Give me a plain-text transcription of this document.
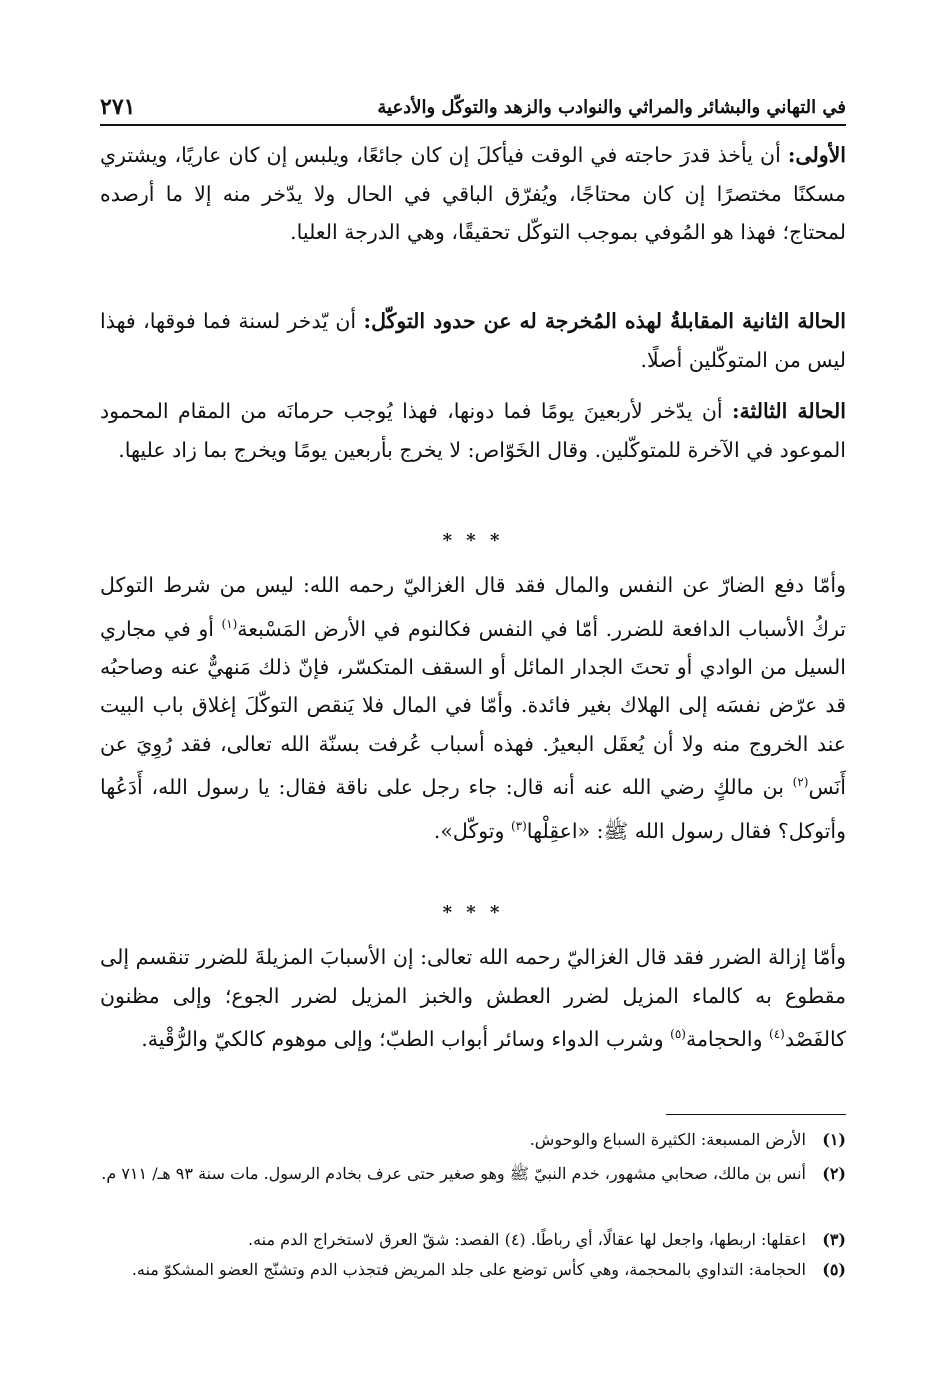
في التهاني والبشائر والمراثي والنوادب والزهد والتوكّل والأدعية
٢٧١

الأولى: أن يأخذ قدرَ حاجته في الوقت فيأكلَ إن كان جائعًا، ويلبس إن كان عاريًا، ويشتري مسكنًا مختصرًا إن كان محتاجًا، ويُفرّق الباقي في الحال ولا يدّخر منه إلا ما أرصده لمحتاج؛ فهذا هو المُوفي بموجب التوكّل تحقيقًا، وهي الدرجة العليا.

الحالة الثانية المقابلةُ لهذه المُخرجة له عن حدود التوكّل: أن يّدخر لسنة فما فوقها، فهذا ليس من المتوكّلين أصلًا.

الحالة الثالثة: أن يدّخر لأربعينَ يومًا فما دونها، فهذا يُوجب حرمانَه من المقام المحمود الموعود في الآخرة للمتوكّلين. وقال الخَوّاص: لا يخرج بأربعين يومًا ويخرج بما زاد عليها.

* * *

وأمّا دفع الضارّ عن النفس والمال فقد قال الغزاليّ رحمه الله: ليس من شرط التوكل تركُ الأسباب الدافعة للضرر. أمّا في النفس فكالنوم في الأرض المَسْبعة$^{(١)}$ أو في مجاري السيل من الوادي أو تحتَ الجدار المائل أو السقف المتكسّر، فإنّ ذلك مَنهيٌّ عنه وصاحبُه قد عرّض نفسَه إلى الهلاك بغير فائدة. وأمّا في المال فلا يَنقص التوكّلَ إغلاق باب البيت عند الخروج منه ولا أن يُعقَل البعيرُ. فهذه أسباب عُرفت بسنّة الله تعالى، فقد رُوِيَ عن أَنَس$^{(٢)}$ بن مالكٍ رضي الله عنه أنه قال: جاء رجل على ناقة فقال: يا رسول الله، أَدَعُها وأتوكل؟ فقال رسول الله ﷺ: «اعقِلْها$^{(٣)}$ وتوكّل».

* * *

وأمّا إزالة الضرر فقد قال الغزاليّ رحمه الله تعالى: إن الأسبابَ المزيلةَ للضرر تنقسم إلى مقطوع به كالماء المزيل لضرر العطش والخبز المزيل لضرر الجوع؛ وإلى مظنون كالفَصْد$^{(٤)}$ والحجامة$^{(٥)}$ وشرب الدواء وسائر أبواب الطبّ؛ وإلى موهوم كالكيّ والرُّقْية.

(١)
الأرض المسبعة: الكثيرة السباع والوحوش.
(٢)
أنس بن مالك، صحابي مشهور، خدم النبيّ ﷺ وهو صغير حتى عرف بخادم الرسول. مات سنة ٩٣ هـ/ ٧١١ م.
(٣)
اعقلها: اربطها، واجعل لها عقالًا، أي رباطًا. (٤) الفصد: شقّ العرق لاستخراج الدم منه.
(٥)
الحجامة: التداوي بالمحجمة، وهي كأس توضع على جلد المريض فتجذب الدم وتشنّج العضو المشكوّ منه.
